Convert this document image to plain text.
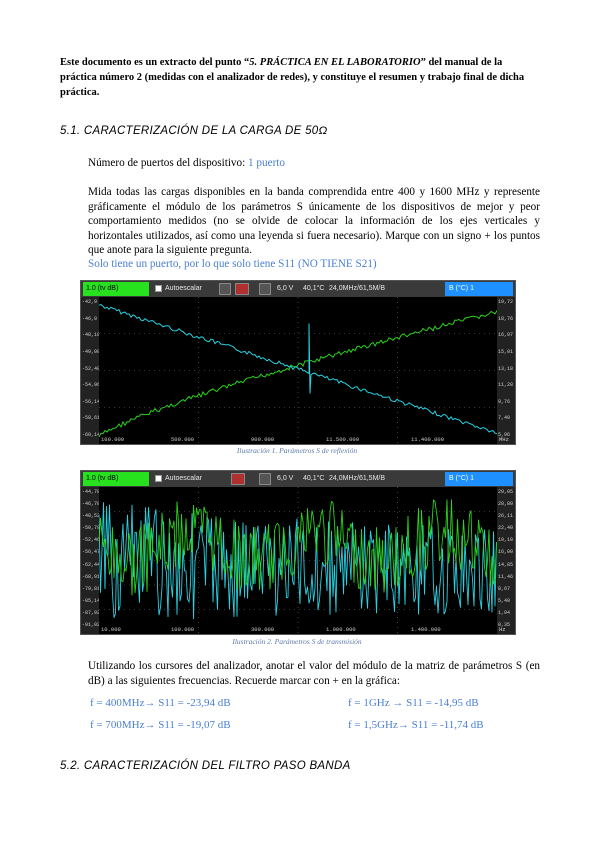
Este documento es un extracto del punto “5. PRÁCTICA EN EL LABORATORIO” del manual de la práctica número 2 (medidas con el analizador de redes), y constituye el resumen y trabajo final de dicha práctica.
5.1. CARACTERIZACIÓN DE LA CARGA DE 50Ω
Número de puertos del dispositivo: 1 puerto
Mida todas las cargas disponibles en la banda comprendida entre 400 y 1600 MHz y represente gráficamente el módulo de los parámetros S únicamente de los dispositivos de mejor y peor comportamiento medidos (no se olvide de colocar la información de los ejes verticales y horizontales utilizados, así como una leyenda si fuera necesario). Marque con un signo + los puntos que anote para la siguiente pregunta.
Solo tiene un puerto, por lo que solo tiene S11 (NO TIENE S21)
1.0 (tv dB)	Autoescalar	6,0 V 40,1°C 24,0MHz/61,5M/B	B (°C) 1
-42,9
-46,0
-48,10
-49,00
-52,40
-54,96
-56,14
-58,61
-60,14
19,72
18,76
16,97
15,01
13,18
11,28
9,76
7,40
5,96
100.000	500.000	900.000	11.500.000	11.400.000	MHz
Ilustración 1. Parámetros S de reflexión
1.0 (tv dB)	Autoescalar	6,0 V 40,1°C 24,0MHz/61,5M/B	B (°C) 1
-44,78
-46,70
-48,52
-50,79
-52,46
-56,47
-62,44
-68,91
-79,81
-85,14
-87,92
-91,02
29,05
28,80
26,11
22,40
19,10
16,00
14,85
11,46
8,67
5,40
1,94
0,35
10.000	100.000	300.000	1.000.000	1.400.000	Hz
Ilustración 2. Parámetros S de transmisión
Utilizando los cursores del analizador, anotar el valor del módulo de la matriz de parámetros S (en dB) a las siguientes frecuencias. Recuerde marcar con + en la gráfica:
f = 400MHz→ S11 = -23,94 dB	f = 1GHz → S11 = -14,95 dB
f = 700MHz→ S11 = -19,07 dB	f = 1,5GHz→ S11 = -11,74 dB
5.2. CARACTERIZACIÓN DEL FILTRO PASO BANDA
